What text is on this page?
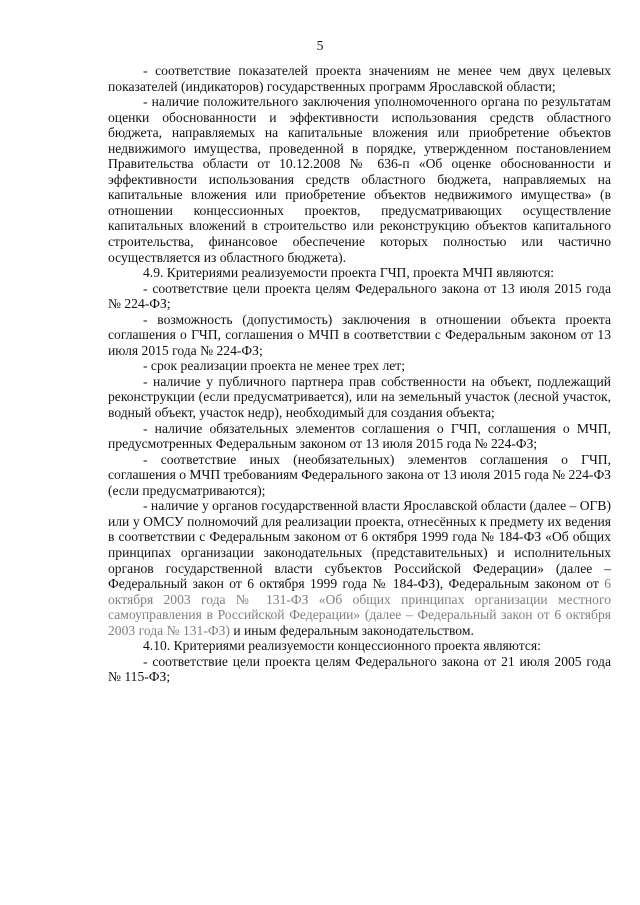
5

- соответствие показателей проекта значениям не менее чем двух целевых показателей (индикаторов) государственных программ Ярославской области;

- наличие положительного заключения уполномоченного органа по результатам оценки обоснованности и эффективности использования средств областного бюджета, направляемых на капитальные вложения или приобретение объектов недвижимого имущества, проведенной в порядке, утвержденном постановлением Правительства области от 10.12.2008 № 636-п «Об оценке обоснованности и эффективности использования средств областного бюджета, направляемых на капитальные вложения или приобретение объектов недвижимого имущества» (в отношении концессионных проектов, предусматривающих осуществление капитальных вложений в строительство или реконструкцию объектов капитального строительства, финансовое обеспечение которых полностью или частично осуществляется из областного бюджета).

4.9. Критериями реализуемости проекта ГЧП, проекта МЧП являются:

- соответствие цели проекта целям Федерального закона от 13 июля 2015 года № 224-ФЗ;

- возможность (допустимость) заключения в отношении объекта проекта соглашения о ГЧП, соглашения о МЧП в соответствии с Федеральным законом от 13 июля 2015 года № 224-ФЗ;

- срок реализации проекта не менее трех лет;

- наличие у публичного партнера прав собственности на объект, подлежащий реконструкции (если предусматривается), или на земельный участок (лесной участок, водный объект, участок недр), необходимый для создания объекта;

- наличие обязательных элементов соглашения о ГЧП, соглашения о МЧП, предусмотренных Федеральным законом от 13 июля 2015 года № 224-ФЗ;

- соответствие иных (необязательных) элементов соглашения о ГЧП, соглашения о МЧП требованиям Федерального закона от 13 июля 2015 года № 224-ФЗ (если предусматриваются);

- наличие у органов государственной власти Ярославской области (далее – ОГВ) или у ОМСУ полномочий для реализации проекта, отнесённых к предмету их ведения в соответствии с Федеральным законом от 6 октября 1999 года № 184-ФЗ «Об общих принципах организации законодательных (представительных) и исполнительных органов государственной власти субъектов Российской Федерации» (далее – Федеральный закон от 6 октября 1999 года № 184-ФЗ), Федеральным законом от 6 октября 2003 года № 131-ФЗ «Об общих принципах организации местного самоуправления в Российской Федерации» (далее – Федеральный закон от 6 октября 2003 года № 131-ФЗ) и иным федеральным законодательством.

4.10. Критериями реализуемости концессионного проекта являются:

- соответствие цели проекта целям Федерального закона от 21 июля 2005 года № 115-ФЗ;
